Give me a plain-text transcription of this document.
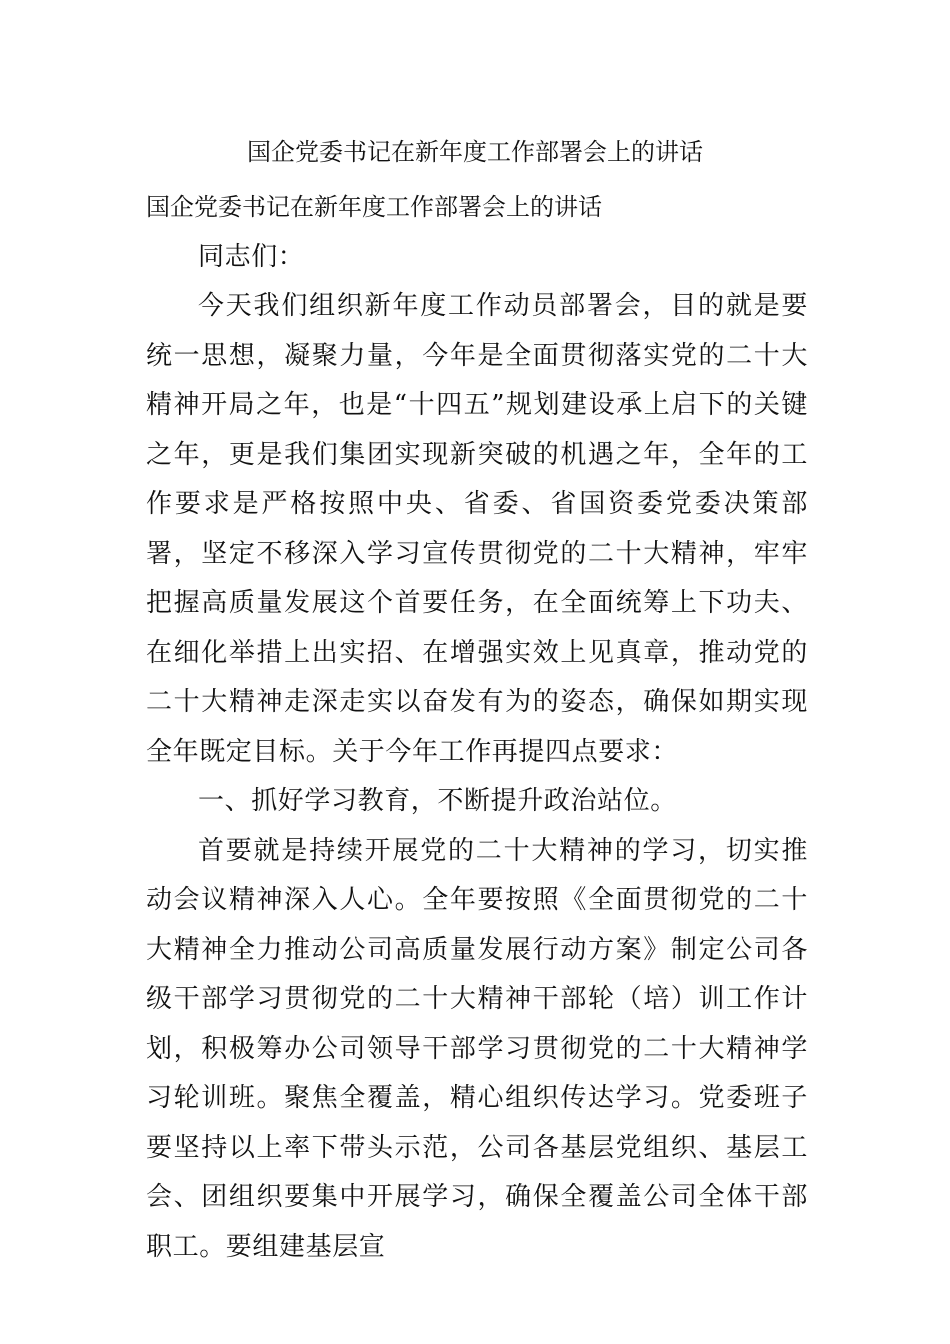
国企党委书记在新年度工作部署会上的讲话

国企党委书记在新年度工作部署会上的讲话

同志们：

今天我们组织新年度工作动员部署会，目的就是要统一思想，凝聚力量，今年是全面贯彻落实党的二十大精神开局之年，也是“十四五”规划建设承上启下的关键之年，更是我们集团实现新突破的机遇之年，全年的工作要求是严格按照中央、省委、省国资委党委决策部署，坚定不移深入学习宣传贯彻党的二十大精神，牢牢把握高质量发展这个首要任务，在全面统筹上下功夫、在细化举措上出实招、在增强实效上见真章，推动党的二十大精神走深走实以奋发有为的姿态，确保如期实现全年既定目标。关于今年工作再提四点要求：

一、抓好学习教育，不断提升政治站位。

首要就是持续开展党的二十大精神的学习，切实推动会议精神深入人心。全年要按照《全面贯彻党的二十大精神全力推动公司高质量发展行动方案》制定公司各级干部学习贯彻党的二十大精神干部轮（培）训工作计划，积极筹办公司领导干部学习贯彻党的二十大精神学习轮训班。聚焦全覆盖，精心组织传达学习。党委班子要坚持以上率下带头示范，公司各基层党组织、基层工会、团组织要集中开展学习，确保全覆盖公司全体干部职工。要组建基层宣
